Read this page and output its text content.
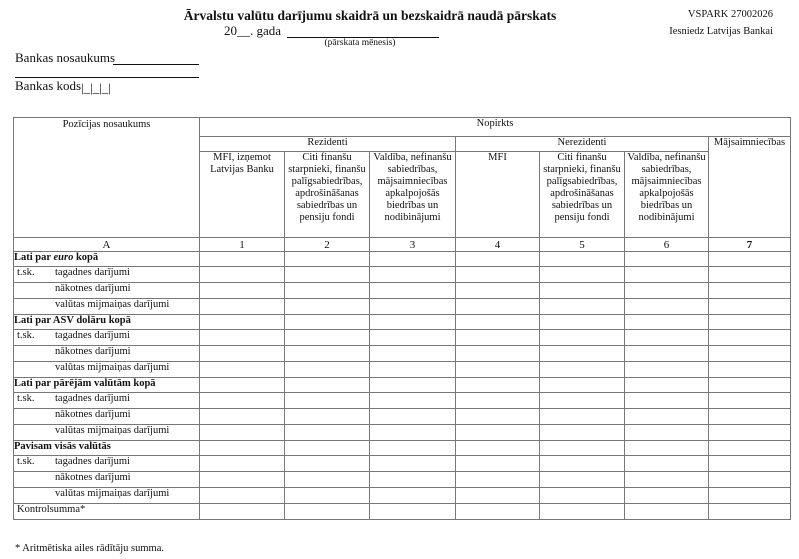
Ārvalstu valūtu darījumu skaidrā un bezskaidrā naudā pārskats
20__. gada
(pārskata mēnesis)
VSPARK 27002026
Iesniedz Latvijas Bankai
Bankas nosaukums
Bankas kods |_|_|_|
Pozīcijas nosaukums	Nopirkts						
	Rezidenti			Nerezidenti			Mājsaimniecības
	MFI, izņemot Latvijas Banku	Citi finanšu starpnieki, finanšu palīgsabiedrības, apdrošināšanas sabiedrības un pensiju fondi	Valdība, nefinanšu sabiedrības, mājsaimniecības apkalpojošās biedrības un nodibinājumi	MFI	Citi finanšu starpnieki, finanšu palīgsabiedrības, apdrošināšanas sabiedrības un pensiju fondi	Valdība, nefinanšu sabiedrības, mājsaimniecības apkalpojošās biedrības un nodibinājumi	
A	1	2	3	4	5	6	7
Lati par euro kopā							
t.sk. tagadnes darījumi							
nākotnes darījumi							
valūtas mijmaiņas darījumi							
Lati par ASV dolāru kopā							
t.sk. tagadnes darījumi							
nākotnes darījumi							
valūtas mijmaiņas darījumi							
Lati par pārējām valūtām kopā							
t.sk. tagadnes darījumi							
nākotnes darījumi							
valūtas mijmaiņas darījumi							
Pavisam visās valūtās							
t.sk. tagadnes darījumi							
nākotnes darījumi							
valūtas mijmaiņas darījumi							
Kontrolsumma*							
* Aritmētiska ailes rādītāju summa.
